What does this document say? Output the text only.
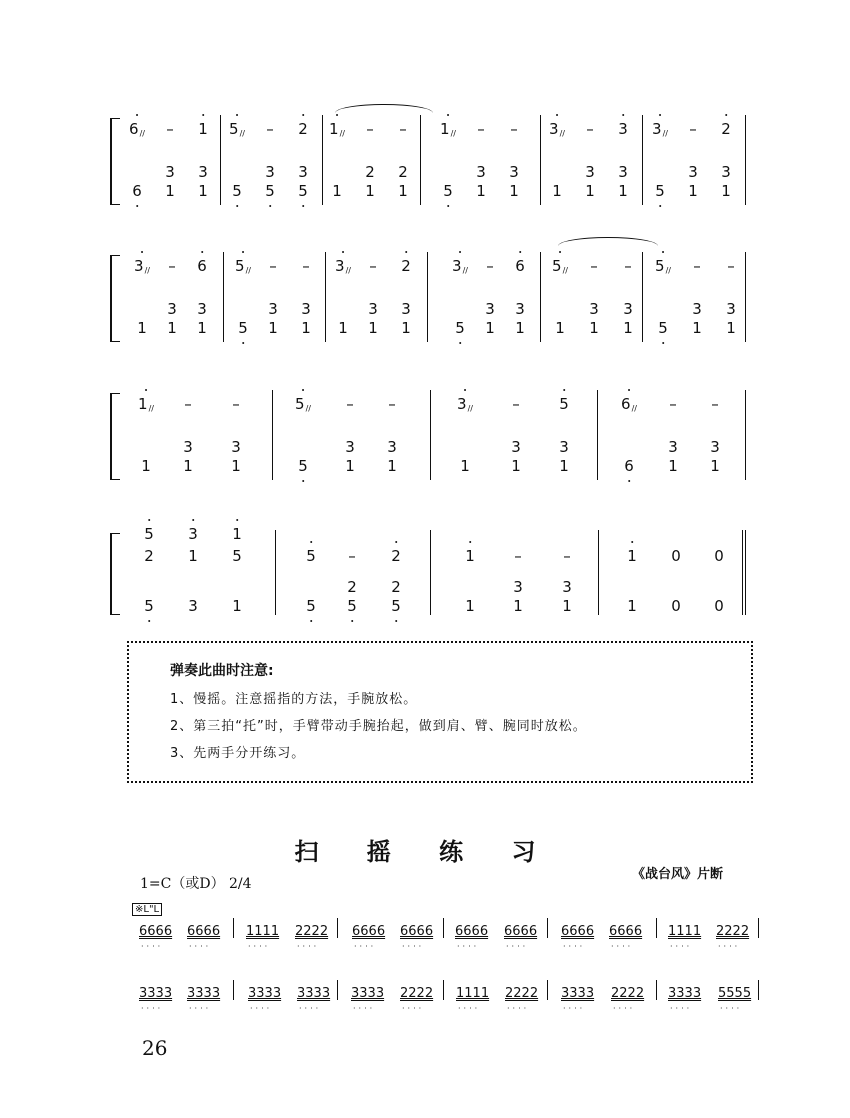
6// – 1 5// – 2 1// – – 1// – – 3// – 3 3// – 2
3 3	3 3	2 2	3 3	3 3	3 3
6 1 1 5 5 5 1 1 1 5 1 1 1 1 1 5 1 1
3// – 6 5// – – 3// – 2	3// – 6 5// – – 5// – –
3 3	3 3	3 3	3 3	3 3	3 3
1 1 1 5 1 1 1 1 1	5 1 1 1 1 1 5 1 1
1// –	–	5// – –	3//	–	5	6// – –
3	3	3 3	3	3	3 3
1 1	1	5 1 1	1	1	1	6 1 1
2 1 5	5 – 2	1	–	–	1 0 0
5 3 1
2 2	3	3
5 3 1	5 5 5	1	1	1	1 0 0
弹奏此曲时注意:
1、慢摇。注意摇指的方法，手腕放松。
2、第三拍“托”时，手臂带动手腕抬起，做到肩、臂、腕同时放松。
3、先两手分开练习。
扫 摇 练 习
1=C（或D） 2/4
《战台风》片断
※L"L
6666
····
6666
····
1111
····
2222
····
6666
····
6666
····
6666
····
6666
····
6666
····
6666
····
1111
····
2222
····
3333
····
3333
····
3333
····
3333
····
3333
····
2222
····
1111
····
2222
····
3333
····
2222
····
3333
····
5555
····
26
